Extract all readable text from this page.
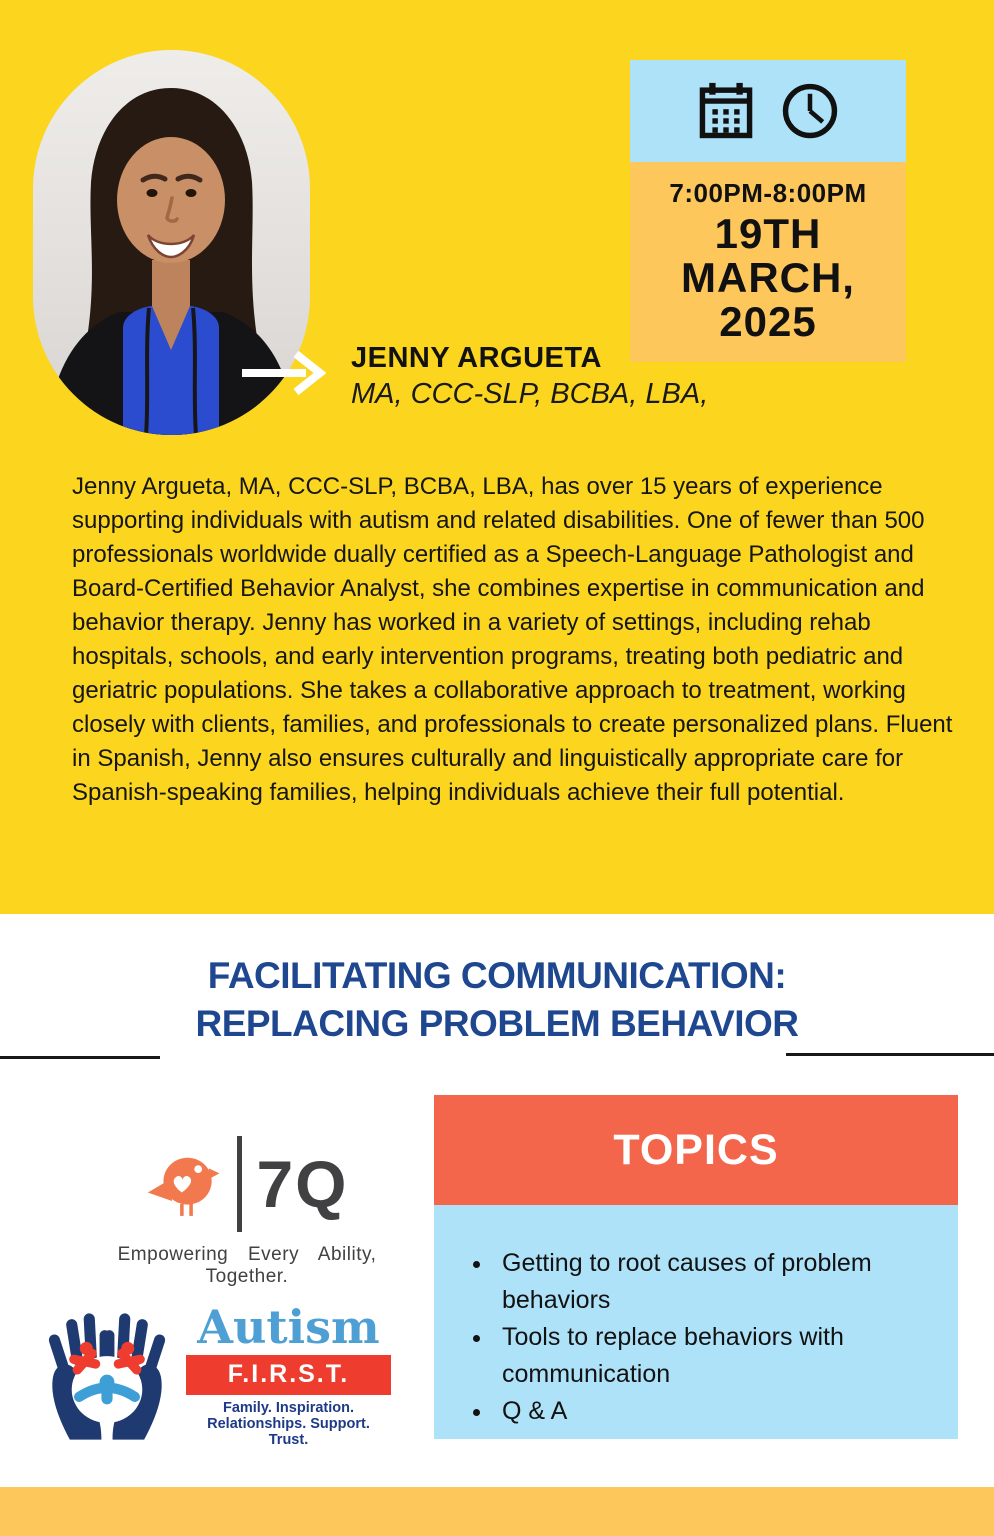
JENNY ARGUETA
MA, CCC-SLP, BCBA, LBA,
7:00PM-8:00PM
19TH
MARCH,
2025

Jenny Argueta, MA, CCC-SLP, BCBA, LBA, has over 15 years of experience supporting individuals with autism and related disabilities. One of fewer than 500 professionals worldwide dually certified as a Speech-Language Pathologist and Board-Certified Behavior Analyst, she combines expertise in communication and behavior therapy. Jenny has worked in a variety of settings, including rehab hospitals, schools, and early intervention programs, treating both pediatric and geriatric populations. She takes a collaborative approach to treatment, working closely with clients, families, and professionals to create personalized plans. Fluent in Spanish, Jenny also ensures culturally and linguistically appropriate care for Spanish-speaking families, helping individuals achieve their full potential.

FACILITATING COMMUNICATION:
REPLACING PROBLEM BEHAVIOR
7Q
Empowering Every Ability, Together.
Autism
F.I.R.S.T.
Family. Inspiration.
Relationships. Support. Trust.
TOPICS
• Getting to root causes of problem behaviors
• Tools to replace behaviors with communication
• Q & A
